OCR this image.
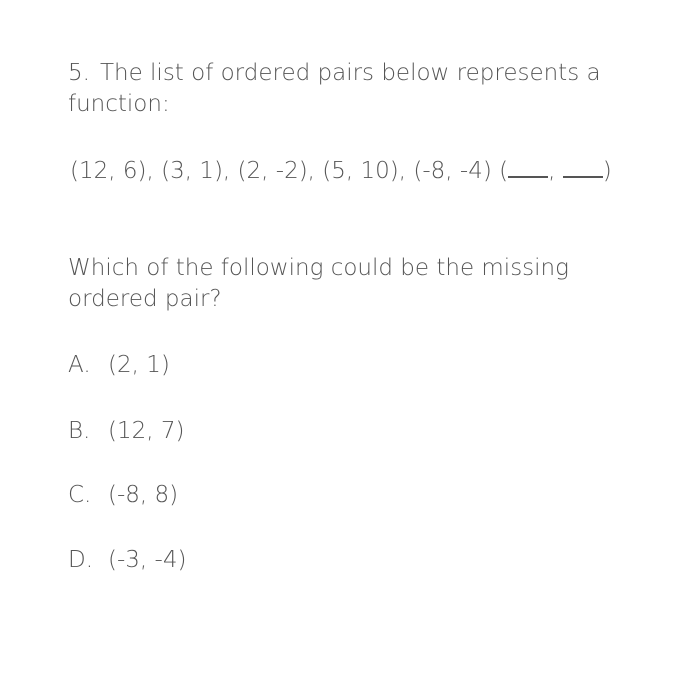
5. The list of ordered pairs below represents a function:

(12, 6), (3, 1), (2, -2), (5, 10), (-8, -4) ( , )

Which of the following could be the missing ordered pair?

A. (2, 1)

B. (12, 7)

C. (-8, 8)

D. (-3, -4)
